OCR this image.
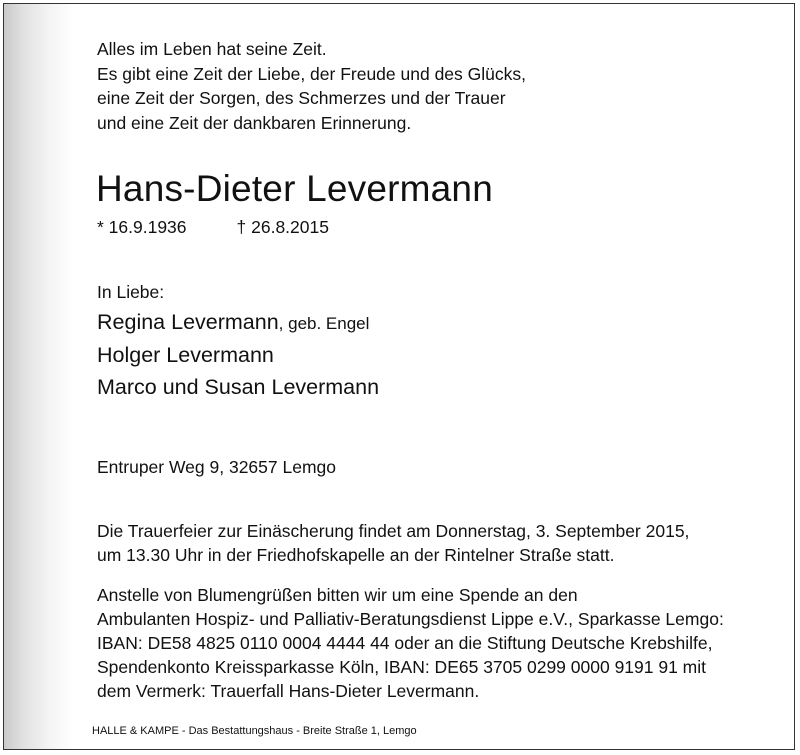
Alles im Leben hat seine Zeit.
Es gibt eine Zeit der Liebe, der Freude und des Glücks,
eine Zeit der Sorgen, des Schmerzes und der Trauer
und eine Zeit der dankbaren Erinnerung.
Hans-Dieter Levermann
* 16.9.1936	† 26.8.2015
In Liebe:
Regina Levermann, geb. Engel
Holger Levermann
Marco und Susan Levermann
Entruper Weg 9, 32657 Lemgo
Die Trauerfeier zur Einäscherung findet am Donnerstag, 3. September 2015,
um 13.30 Uhr in der Friedhofskapelle an der Rintelner Straße statt.
Anstelle von Blumengrüßen bitten wir um eine Spende an den
Ambulanten Hospiz- und Palliativ-Beratungsdienst Lippe e.V., Sparkasse Lemgo:
IBAN: DE58 4825 0110 0004 4444 44 oder an die Stiftung Deutsche Krebshilfe,
Spendenkonto Kreissparkasse Köln, IBAN: DE65 3705 0299 0000 9191 91 mit
dem Vermerk: Trauerfall Hans-Dieter Levermann.
HALLE & KAMPE - Das Bestattungshaus - Breite Straße 1, Lemgo
